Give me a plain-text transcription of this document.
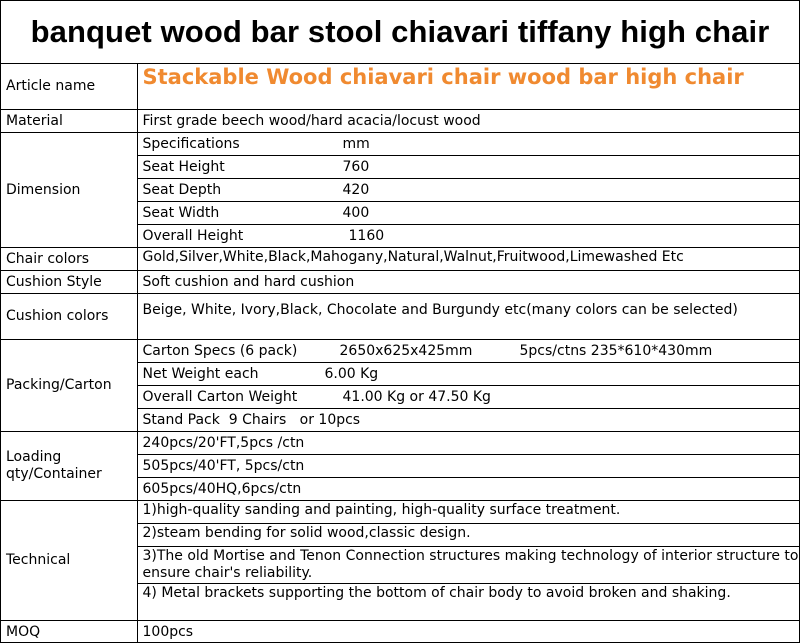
banquet wood bar stool chiavari tiffany high chair
Article name	Stackable Wood chiavari chair wood bar high chair

Material	First grade beech wood/hard acacia/locust wood
Dimension	Specifications mm
	Seat Height 760
	Seat Depth 420
	Seat Width 400
	Overall Height 1160
Chair colors	Gold,Silver,White,Black,Mahogany,Natural,Walnut,Fruitwood,Limewashed Etc

Cushion Style	Soft cushion and hard cushion
Cushion colors	Beige, White, Ivory,Black, Chocolate and Burgundy etc(many colors can be selected)

Packing/Carton	Carton Specs (6 pack) 2650x625x425mm 5pcs/ctns 235*610*430mm
	Net Weight each 6.00 Kg
	Overall Carton Weight 41.00 Kg or 47.50 Kg
	Stand Pack  9 Chairs   or 10pcs
Loading qty/Container	240pcs/20'FT,5pcs /ctn
	505pcs/40'FT, 5pcs/ctn
	605pcs/40HQ,6pcs/ctn
Technical	1)high-quality sanding and painting, high-quality surface treatment.

	2)steam bending for solid wood,classic design.

	3)The old Mortise and Tenon Connection structures making technology of interior structure to ensure chair's reliability.

	4) Metal brackets supporting the bottom of chair body to avoid broken and shaking.

MOQ	100pcs
